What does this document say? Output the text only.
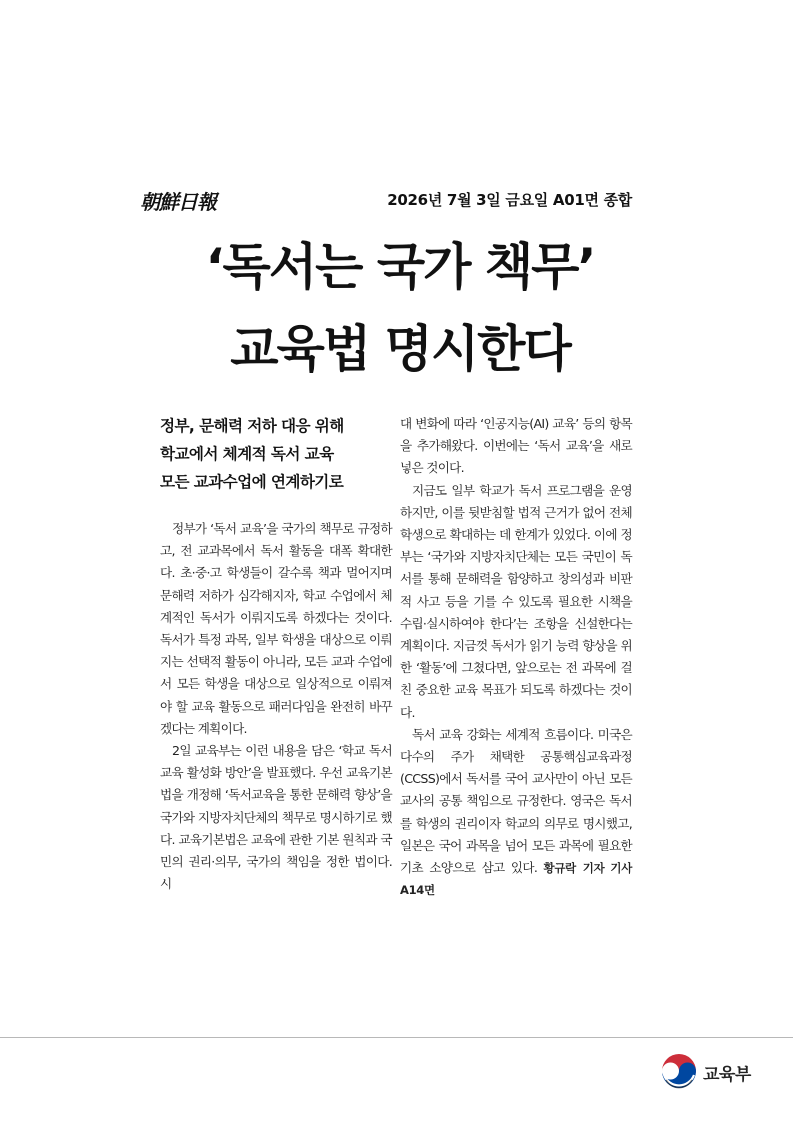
朝鮮日報	2026년 7월 3일 금요일 A01면 종합
‘독서는 국가 책무’
교육법 명시한다
정부, 문해력 저하 대응 위해
학교에서 체계적 독서 교육
모든 교과수업에 연계하기로

정부가 ‘독서 교육’을 국가의 책무로 규정하고, 전 교과목에서 독서 활동을 대폭 확대한다. 초·중·고 학생들이 갈수록 책과 멀어지며 문해력 저하가 심각해지자, 학교 수업에서 체계적인 독서가 이뤄지도록 하겠다는 것이다. 독서가 특정 과목, 일부 학생을 대상으로 이뤄지는 선택적 활동이 아니라, 모든 교과 수업에서 모든 학생을 대상으로 일상적으로 이뤄져야 할 교육 활동으로 패러다임을 완전히 바꾸겠다는 계획이다.

2일 교육부는 이런 내용을 담은 ‘학교 독서교육 활성화 방안’을 발표했다. 우선 교육기본법을 개정해 ‘독서교육을 통한 문해력 향상’을 국가와 지방자치단체의 책무로 명시하기로 했다. 교육기본법은 교육에 관한 기본 원칙과 국민의 권리·의무, 국가의 책임을 정한 법이다. 시

대 변화에 따라 ‘인공지능(AI) 교육’ 등의 항목을 추가해왔다. 이번에는 ‘독서 교육’을 새로 넣은 것이다.

지금도 일부 학교가 독서 프로그램을 운영하지만, 이를 뒷받침할 법적 근거가 없어 전체 학생으로 확대하는 데 한계가 있었다. 이에 정부는 ‘국가와 지방자치단체는 모든 국민이 독서를 통해 문해력을 함양하고 창의성과 비판적 사고 등을 기를 수 있도록 필요한 시책을 수립·실시하여야 한다’는 조항을 신설한다는 계획이다. 지금껏 독서가 읽기 능력 향상을 위한 ‘활동’에 그쳤다면, 앞으로는 전 과목에 걸친 중요한 교육 목표가 되도록 하겠다는 것이다.

독서 교육 강화는 세계적 흐름이다. 미국은 다수의 주가 채택한 공통핵심교육과정(CCSS)에서 독서를 국어 교사만이 아닌 모든 교사의 공통 책임으로 규정한다. 영국은 독서를 학생의 권리이자 학교의 의무로 명시했고, 일본은 국어 과목을 넘어 모든 과목에 필요한 기초 소양으로 삼고 있다. 황규락 기자 기사 A14면

교육부
